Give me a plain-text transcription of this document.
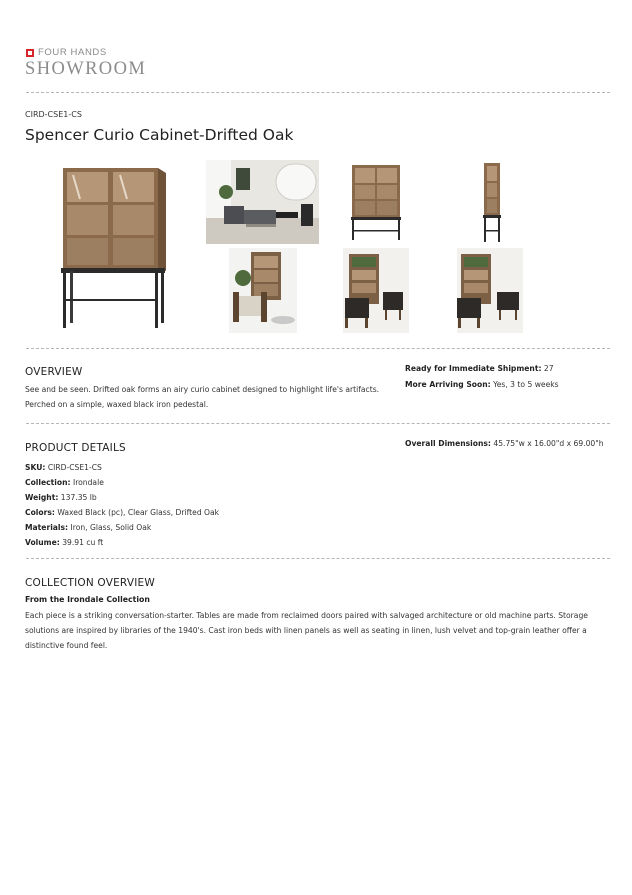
FOUR HANDS
SHOWROOM
CIRD-CSE1-CS
Spencer Curio Cabinet-Drifted Oak
OVERVIEW
See and be seen. Drifted oak forms an airy curio cabinet designed to highlight life's artifacts.
Perched on a simple, waxed black iron pedestal.
Ready for Immediate Shipment: 27
More Arriving Soon: Yes, 3 to 5 weeks
PRODUCT DETAILS	Overall Dimensions: 45.75"w x 16.00"d x 69.00"h
SKU: CIRD-CSE1-CS
Collection: Irondale
Weight: 137.35 lb
Colors: Waxed Black (pc), Clear Glass, Drifted Oak
Materials: Iron, Glass, Solid Oak
Volume: 39.91 cu ft
COLLECTION OVERVIEW
From the Irondale Collection
Each piece is a striking conversation-starter. Tables are made from reclaimed doors paired with salvaged architecture or old machine parts. Storage
solutions are inspired by libraries of the 1940's. Cast iron beds with linen panels as well as seating in linen, lush velvet and top-grain leather offer a
distinctive found feel.
